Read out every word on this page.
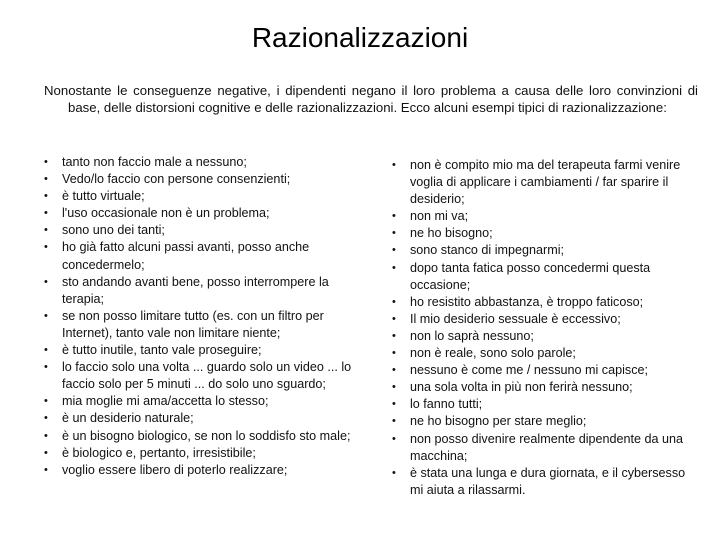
Razionalizzazioni
Nonostante le conseguenze negative, i dipendenti negano il loro problema a causa delle loro convinzioni di base, delle distorsioni cognitive e delle razionalizzazioni. Ecco alcuni esempi tipici di razionalizzazione:
• tanto non faccio male a nessuno;
• Vedo/lo faccio con persone consenzienti;
• è tutto virtuale;
• l'uso occasionale non è un problema;
• sono uno dei tanti;
• ho già fatto alcuni passi avanti, posso anche concedermelo;
• sto andando avanti bene, posso interrompere la terapia;
• se non posso limitare tutto (es. con un filtro per Internet), tanto vale non limitare niente;
• è tutto inutile, tanto vale proseguire;
• lo faccio solo una volta ... guardo solo un video ... lo faccio solo per 5 minuti ... do solo uno sguardo;
• mia moglie mi ama/accetta lo stesso;
• è un desiderio naturale;
• è un bisogno biologico, se non lo soddisfo sto male;
• è biologico e, pertanto, irresistibile;
• voglio essere libero di poterlo realizzare;
• non è compito mio ma del terapeuta farmi venire voglia di applicare i cambiamenti / far sparire il desiderio;
• non mi va;
• ne ho bisogno;
• sono stanco di impegnarmi;
• dopo tanta fatica posso concedermi questa occasione;
• ho resistito abbastanza, è troppo faticoso;
• Il mio desiderio sessuale è eccessivo;
• non lo saprà nessuno;
• non è reale, sono solo parole;
• nessuno è come me / nessuno mi capisce;
• una sola volta in più non ferirà nessuno;
• lo fanno tutti;
• ne ho bisogno per stare meglio;
• non posso divenire realmente dipendente da una macchina;
• è stata una lunga e dura giornata, e il cybersesso mi aiuta a rilassarmi.
